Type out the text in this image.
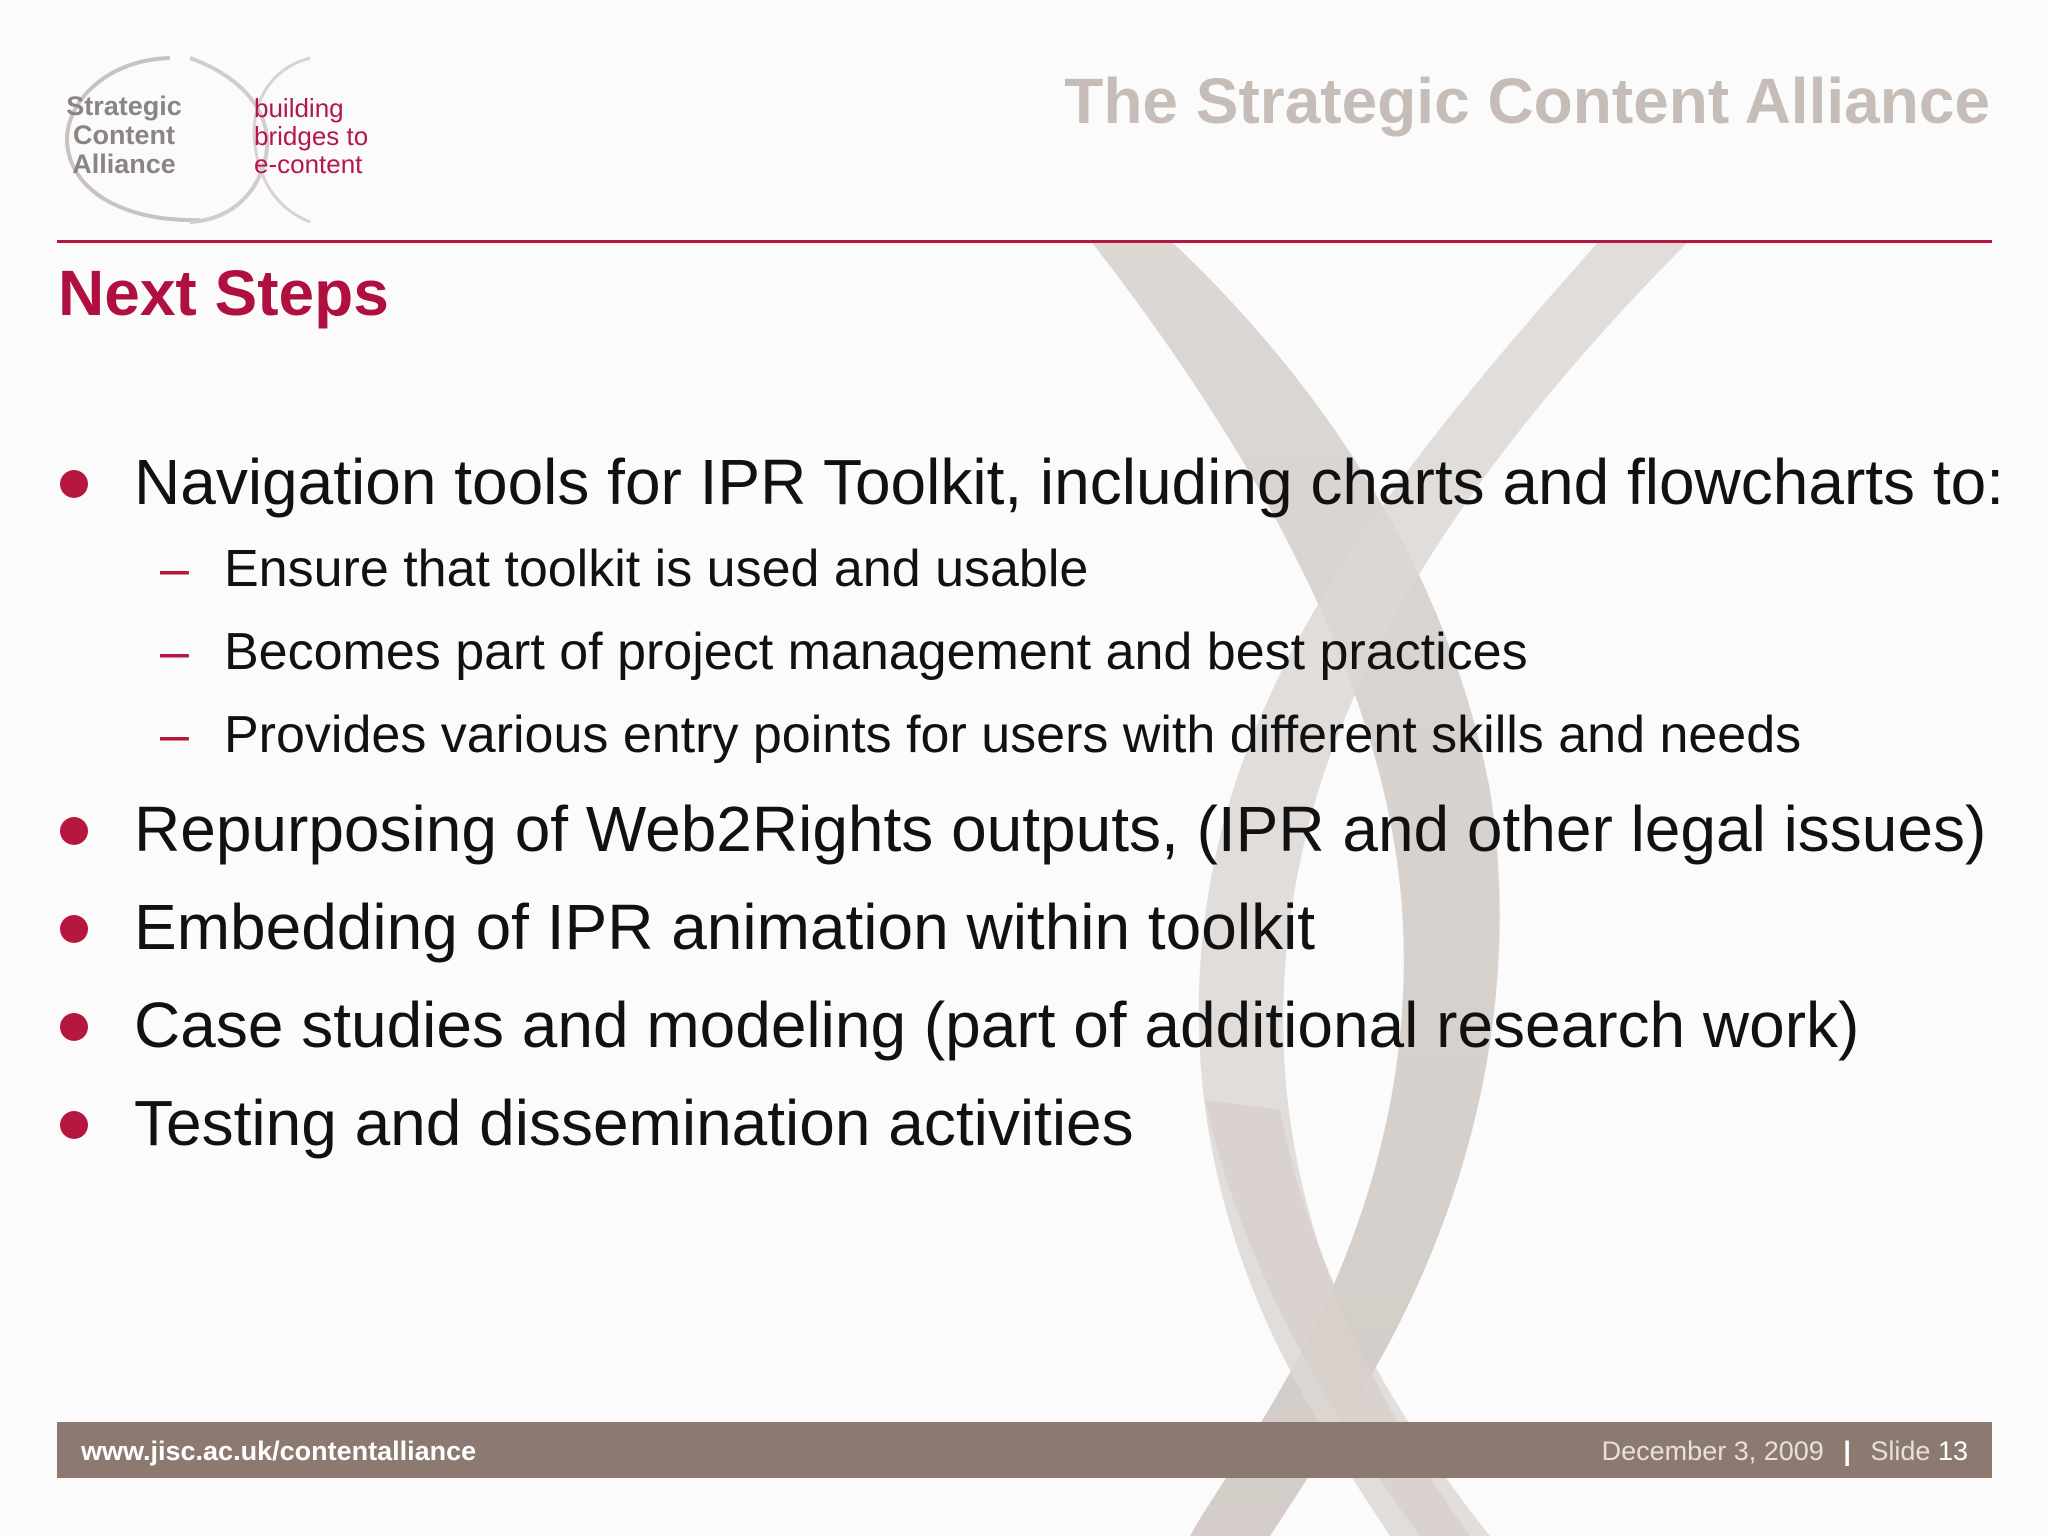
Strategic
Content
Alliance
building
bridges to
e-content
The Strategic Content Alliance
Next Steps
Navigation tools for IPR Toolkit, including charts and flowcharts to:
– Ensure that toolkit is used and usable
– Becomes part of project management and best practices
– Provides various entry points for users with different skills and needs
Repurposing of Web2Rights outputs, (IPR and other legal issues)
Embedding of IPR animation within toolkit
Case studies and modeling (part of additional research work)
Testing and dissemination activities
www.jisc.ac.uk/contentalliance	December 3, 2009 | Slide 13
